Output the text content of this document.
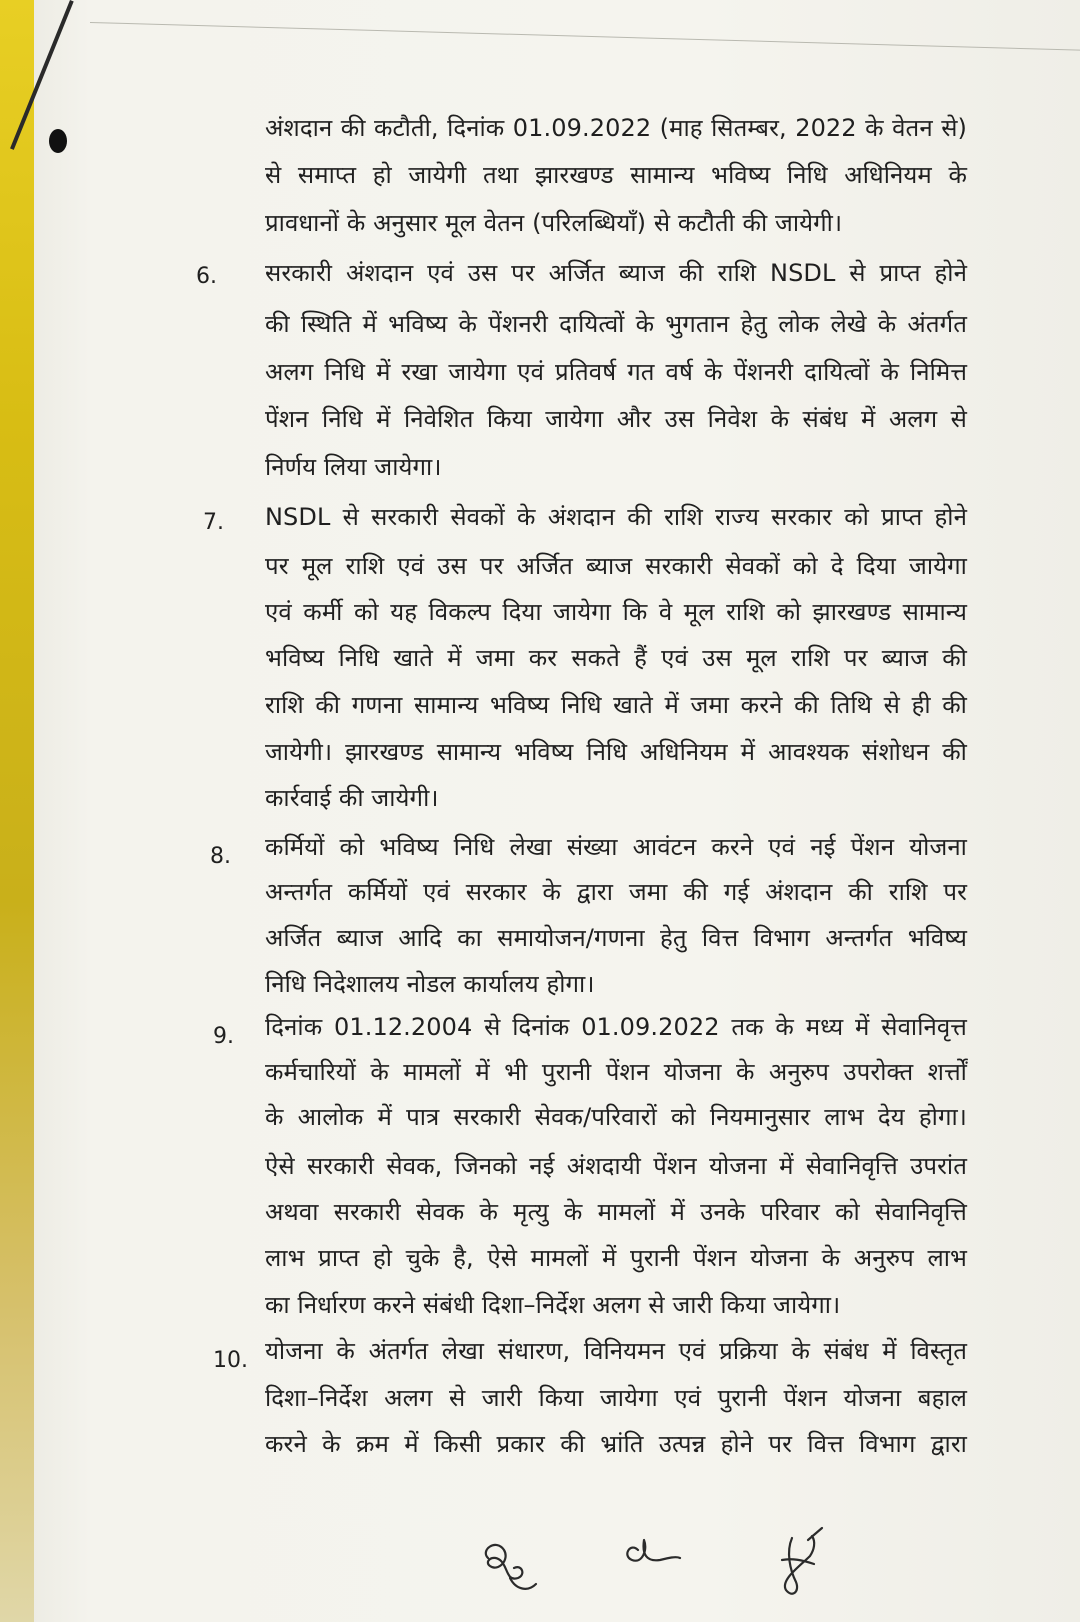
अंशदान की कटौती, दिनांक 01.09.2022 (माह सितम्बर, 2022 के वेतन से)
से समाप्त हो जायेगी तथा झारखण्ड सामान्य भविष्य निधि अधिनियम के
प्रावधानों के अनुसार मूल वेतन (परिलब्धियाँ) से कटौती की जायेगी।
6. सरकारी अंशदान एवं उस पर अर्जित ब्याज की राशि NSDL से प्राप्त होने
की स्थिति में भविष्य के पेंशनरी दायित्वों के भुगतान हेतु लोक लेखे के अंतर्गत
अलग निधि में रखा जायेगा एवं प्रतिवर्ष गत वर्ष के पेंशनरी दायित्वों के निमित्त
पेंशन निधि में निवेशित किया जायेगा और उस निवेश के संबंध में अलग से
निर्णय लिया जायेगा।
7. NSDL से सरकारी सेवकों के अंशदान की राशि राज्य सरकार को प्राप्त होने
पर मूल राशि एवं उस पर अर्जित ब्याज सरकारी सेवकों को दे दिया जायेगा
एवं कर्मी को यह विकल्प दिया जायेगा कि वे मूल राशि को झारखण्ड सामान्य
भविष्य निधि खाते में जमा कर सकते हैं एवं उस मूल राशि पर ब्याज की
राशि की गणना सामान्य भविष्य निधि खाते में जमा करने की तिथि से ही की
जायेगी। झारखण्ड सामान्य भविष्य निधि अधिनियम में आवश्यक संशोधन की
कार्रवाई की जायेगी।
8. कर्मियों को भविष्य निधि लेखा संख्या आवंटन करने एवं नई पेंशन योजना
अन्तर्गत कर्मियों एवं सरकार के द्वारा जमा की गई अंशदान की राशि पर
अर्जित ब्याज आदि का समायोजन/गणना हेतु वित्त विभाग अन्तर्गत भविष्य
निधि निदेशालय नोडल कार्यालय होगा।
9. दिनांक 01.12.2004 से दिनांक 01.09.2022 तक के मध्य में सेवानिवृत्त
कर्मचारियों के मामलों में भी पुरानी पेंशन योजना के अनुरुप उपरोक्त शर्त्तों
के आलोक में पात्र सरकारी सेवक/परिवारों को नियमानुसार लाभ देय होगा।
ऐसे सरकारी सेवक, जिनको नई अंशदायी पेंशन योजना में सेवानिवृत्ति उपरांत
अथवा सरकारी सेवक के मृत्यु के मामलों में उनके परिवार को सेवानिवृत्ति
लाभ प्राप्त हो चुके है, ऐसे मामलों में पुरानी पेंशन योजना के अनुरुप लाभ
का निर्धारण करने संबंधी दिशा–निर्देश अलग से जारी किया जायेगा।
10. योजना के अंतर्गत लेखा संधारण, विनियमन एवं प्रक्रिया के संबंध में विस्तृत
दिशा–निर्देश अलग से जारी किया जायेगा एवं पुरानी पेंशन योजना बहाल
करने के क्रम में किसी प्रकार की भ्रांति उत्पन्न होने पर वित्त विभाग द्वारा
